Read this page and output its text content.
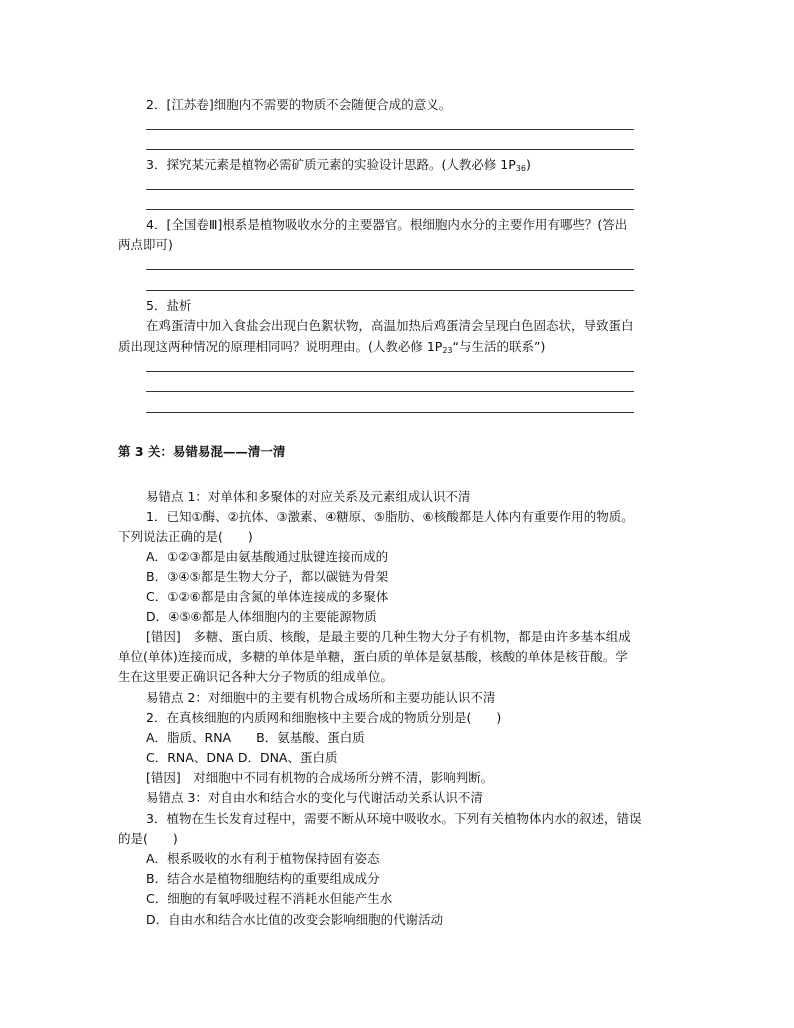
2．[江苏卷]细胞内不需要的物质不会随便合成的意义。
3．探究某元素是植物必需矿质元素的实验设计思路。(人教必修 $1P_{36}$)
4．[全国卷Ⅲ]根系是植物吸收水分的主要器官。根细胞内水分的主要作用有哪些？(答出
两点即可)
5．盐析
在鸡蛋清中加入食盐会出现白色絮状物，高温加热后鸡蛋清会呈现白色固态状，导致蛋白
质出现这两种情况的原理相同吗？说明理由。(人教必修 $1P_{23}“$与生活的联系”)
第 3 关：易错易混——清一清
易错点 1：对单体和多聚体的对应关系及元素组成认识不清
1．已知①酶、②抗体、③激素、④糖原、⑤脂肪、⑥核酸都是人体内有重要作用的物质。
下列说法正确的是(　　)
A．①②③都是由氨基酸通过肽键连接而成的
B．③④⑤都是生物大分子，都以碳链为骨架
C．①②⑥都是由含氮的单体连接成的多聚体
D．④⑤⑥都是人体细胞内的主要能源物质
[错因]　多糖、蛋白质、核酸，是最主要的几种生物大分子有机物，都是由许多基本组成
单位(单体)连接而成，多糖的单体是单糖，蛋白质的单体是氨基酸，核酸的单体是核苷酸。学
生在这里要正确识记各种大分子物质的组成单位。
易错点 2：对细胞中的主要有机物合成场所和主要功能认识不清
2．在真核细胞的内质网和细胞核中主要合成的物质分别是(　　)
A．脂质、RNA　　B．氨基酸、蛋白质
C．RNA、DNA D．DNA、蛋白质
[错因]　对细胞中不同有机物的合成场所分辨不清，影响判断。
易错点 3：对自由水和结合水的变化与代谢活动关系认识不清
3．植物在生长发育过程中，需要不断从环境中吸收水。下列有关植物体内水的叙述，错误
的是(　　)
A．根系吸收的水有利于植物保持固有姿态
B．结合水是植物细胞结构的重要组成成分
C．细胞的有氧呼吸过程不消耗水但能产生水
D．自由水和结合水比值的改变会影响细胞的代谢活动
